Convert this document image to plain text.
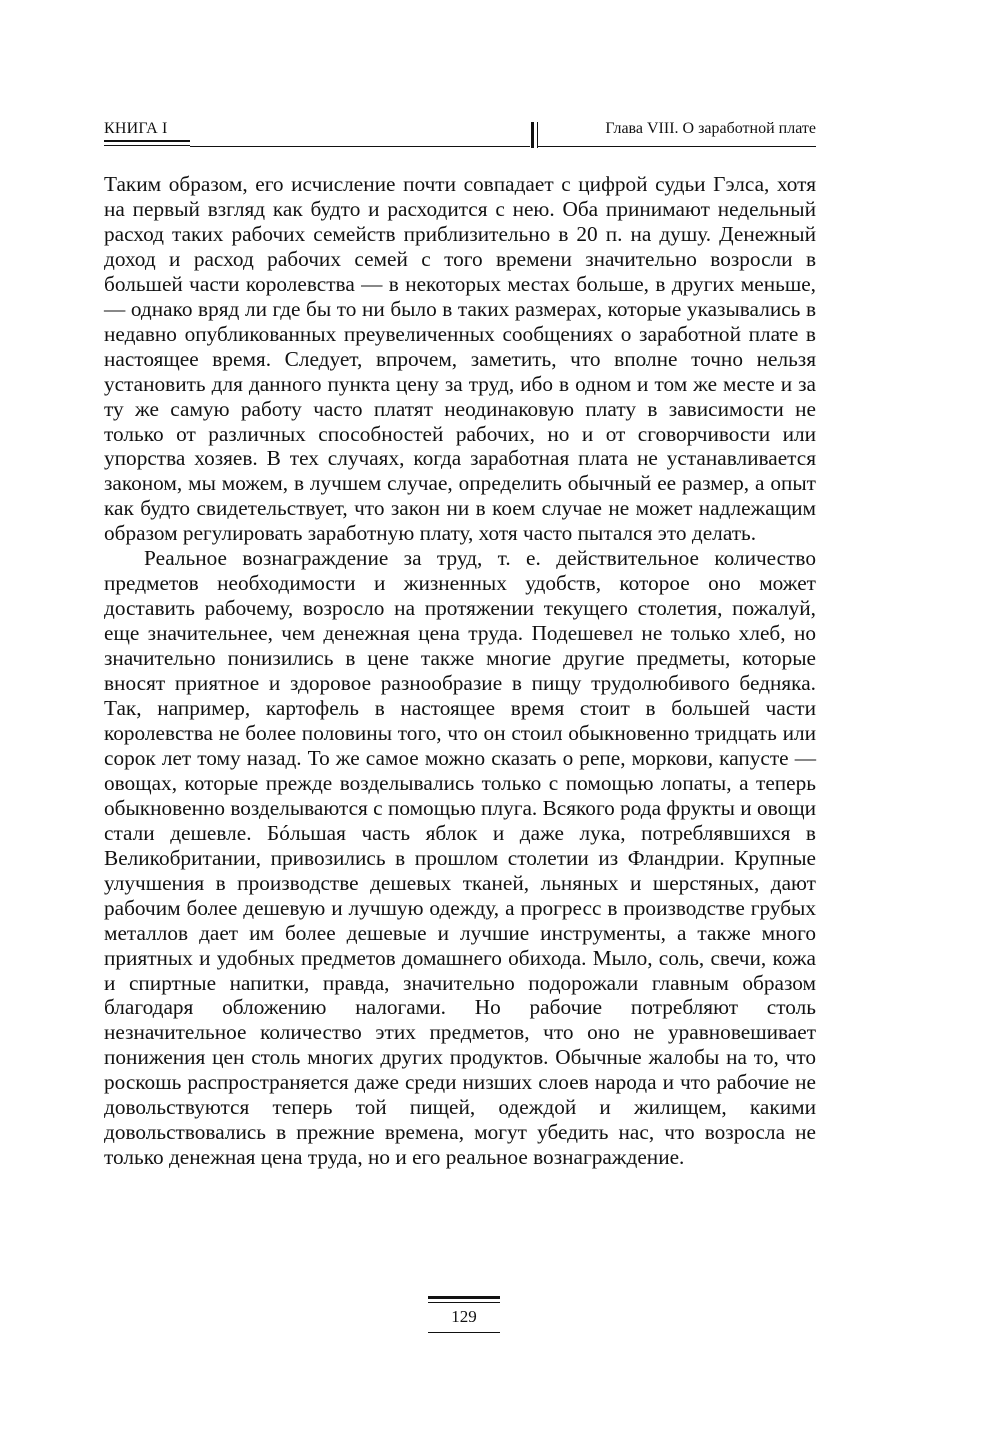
КНИГА I	Глава VIII. О заработной плате

Таким образом, его исчисление почти совпадает с цифрой судьи Гэлса, хотя на первый взгляд как будто и расходится с нею. Оба принимают недельный расход таких рабочих семейств приблизительно в 20 п. на душу. Денежный доход и расход рабочих семей с того времени значительно возросли в большей части королевства — в некоторых местах больше, в других меньше, — однако вряд ли где бы то ни было в таких размерах, которые указывались в недавно опубликованных преувеличенных сообщениях о заработной плате в настоящее время. Следует, впрочем, заметить, что вполне точно нельзя установить для данного пункта цену за труд, ибо в одном и том же месте и за ту же самую работу часто платят неодинаковую плату в зависимости не только от различных способностей рабочих, но и от сговорчивости или упорства хозяев. В тех случаях, когда заработная плата не устанавливается законом, мы можем, в лучшем случае, определить обычный ее размер, а опыт как будто свидетельствует, что закон ни в коем случае не может надлежащим образом регулировать заработную плату, хотя часто пытался это делать.

Реальное вознаграждение за труд, т. е. действительное количество предметов необходимости и жизненных удобств, которое оно может доставить рабочему, возросло на протяжении текущего столетия, пожалуй, еще значительнее, чем денежная цена труда. Подешевел не только хлеб, но значительно понизились в цене также многие другие предметы, которые вносят приятное и здоровое разнообразие в пищу трудолюбивого бедняка. Так, например, картофель в настоящее время стоит в большей части королевства не более половины того, что он стоил обыкновенно тридцать или сорок лет тому назад. То же самое можно сказать о репе, моркови, капусте — овощах, которые прежде возделывались только с помощью лопаты, а теперь обыкновенно возделываются с помощью плуга. Всякого рода фрукты и овощи стали дешевле. Бóльшая часть яблок и даже лука, потреблявшихся в Великобритании, привозились в прошлом столетии из Фландрии. Крупные улучшения в производстве дешевых тканей, льняных и шерстяных, дают рабочим более дешевую и лучшую одежду, а прогресс в производстве грубых металлов дает им более дешевые и лучшие инструменты, а также много приятных и удобных предметов домашнего обихода. Мыло, соль, свечи, кожа и спиртные напитки, правда, значительно подорожали главным образом благодаря обложению налогами. Но рабочие потребляют столь незначительное количество этих предметов, что оно не уравновешивает понижения цен столь многих других продуктов. Обычные жалобы на то, что роскошь распространяется даже среди низших слоев народа и что рабочие не довольствуются теперь той пищей, одеждой и жилищем, какими довольствовались в прежние времена, могут убедить нас, что возросла не только денежная цена труда, но и его реальное вознаграждение.

129
